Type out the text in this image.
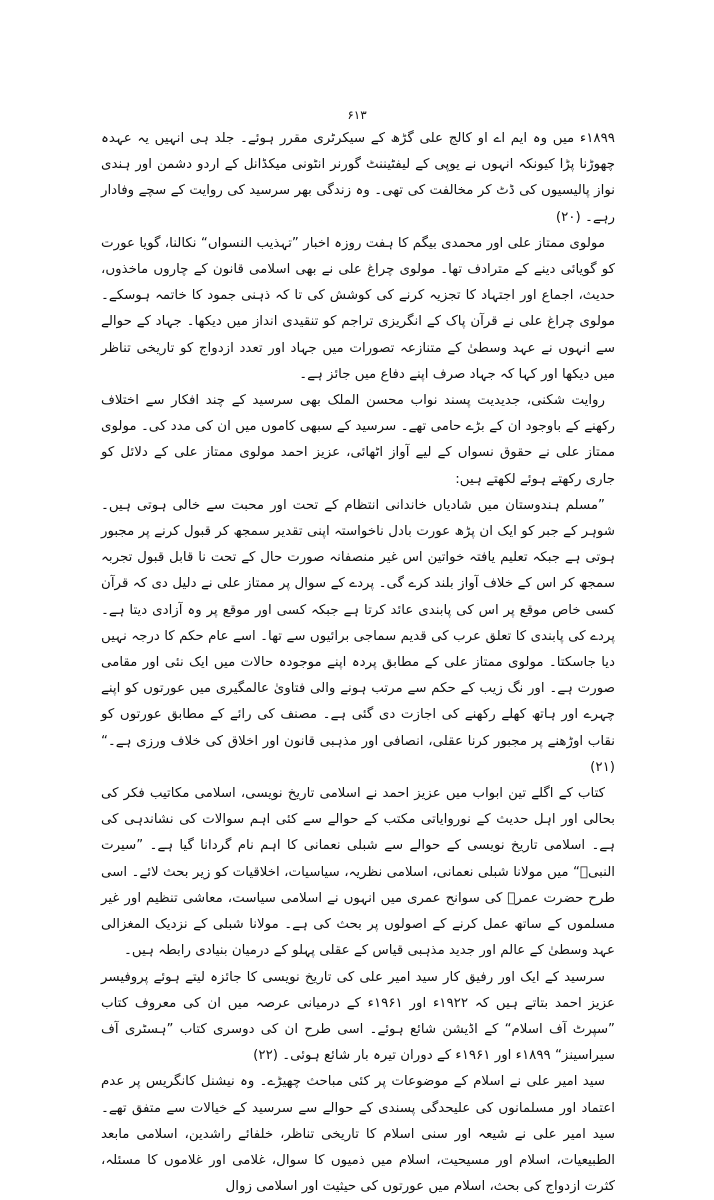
۶۱۳

۱۸۹۹ء میں وہ ایم اے او کالج علی گڑھ کے سیکرٹری مقرر ہوئے۔ جلد ہی انہیں یہ عہدہ چھوڑنا پڑا کیونکہ انہوں نے یوپی کے لیفٹیننٹ گورنر انٹونی میکڈانل کے اردو دشمن اور ہندی نواز پالیسیوں کی ڈٹ کر مخالفت کی تھی۔ وہ زندگی بھر سرسید کی روایت کے سچے وفادار رہے۔ (۲۰)

مولوی ممتاز علی اور محمدی بیگم کا ہفت روزہ اخبار ”تہذیب النسواں“ نکالنا، گویا عورت کو گویائی دینے کے مترادف تھا۔ مولوی چراغ علی نے بھی اسلامی قانون کے چاروں ماخذوں، حدیث، اجماع اور اجتہاد کا تجزیہ کرنے کی کوشش کی تا کہ ذہنی جمود کا خاتمہ ہوسکے۔ مولوی چراغ علی نے قرآن پاک کے انگریزی تراجم کو تنقیدی انداز میں دیکھا۔ جہاد کے حوالے سے انہوں نے عہد وسطیٰ کے متنازعہ تصورات میں جہاد اور تعدد ازدواج کو تاریخی تناظر میں دیکھا اور کہا کہ جہاد صرف اپنے دفاع میں جائز ہے۔

روایت شکنی، جدیدیت پسند نواب محسن الملک بھی سرسید کے چند افکار سے اختلاف رکھنے کے باوجود ان کے بڑے حامی تھے۔ سرسید کے سبھی کاموں میں ان کی مدد کی۔ مولوی ممتاز علی نے حقوق نسواں کے لیے آواز اٹھائی، عزیز احمد مولوی ممتاز علی کے دلائل کو جاری رکھتے ہوئے لکھتے ہیں:

”مسلم ہندوستان میں شادیاں خاندانی انتظام کے تحت اور محبت سے خالی ہوتی ہیں۔ شوہر کے جبر کو ایک ان پڑھ عورت بادل ناخواستہ اپنی تقدیر سمجھ کر قبول کرنے پر مجبور ہوتی ہے جبکہ تعلیم یافتہ خواتین اس غیر منصفانہ صورت حال کے تحت نا قابل قبول تجربہ سمجھ کر اس کے خلاف آواز بلند کرے گی۔ پردے کے سوال پر ممتاز علی نے دلیل دی کہ قرآن کسی خاص موقع پر اس کی پابندی عائد کرتا ہے جبکہ کسی اور موقع پر وہ آزادی دیتا ہے۔ پردے کی پابندی کا تعلق عرب کی قدیم سماجی برائیوں سے تھا۔ اسے عام حکم کا درجہ نہیں دیا جاسکتا۔ مولوی ممتاز علی کے مطابق پردہ اپنے موجودہ حالات میں ایک نئی اور مقامی صورت ہے۔ اور نگ زیب کے حکم سے مرتب ہونے والی فتاویٰ عالمگیری میں عورتوں کو اپنے چہرے اور ہاتھ کھلے رکھنے کی اجازت دی گئی ہے۔ مصنف کی رائے کے مطابق عورتوں کو نقاب اوڑھنے پر مجبور کرنا عقلی، انصافی اور مذہبی قانون اور اخلاق کی خلاف ورزی ہے۔“ (۲۱)

کتاب کے اگلے تین ابواب میں عزیز احمد نے اسلامی تاریخ نویسی، اسلامی مکاتیب فکر کی بحالی اور اہل حدیث کے نوروایاتی مکتب کے حوالے سے کئی اہم سوالات کی نشاندہی کی ہے۔ اسلامی تاریخ نویسی کے حوالے سے شبلی نعمانی کا اہم نام گردانا گیا ہے۔ ”سیرت النبیؐ“ میں مولانا شبلی نعمانی، اسلامی نظریہ، سیاسیات، اخلاقیات کو زیر بحث لائے۔ اسی طرح حضرت عمرؓ کی سوانح عمری میں انہوں نے اسلامی سیاست، معاشی تنظیم اور غیر مسلموں کے ساتھ عمل کرنے کے اصولوں پر بحث کی ہے۔ مولانا شبلی کے نزدیک المغزالی عہد وسطیٰ کے عالم اور جدید مذہبی قیاس کے عقلی پہلو کے درمیان بنیادی رابطہ ہیں۔

سرسید کے ایک اور رفیق کار سید امیر علی کی تاریخ نویسی کا جائزہ لیتے ہوئے پروفیسر عزیز احمد بتاتے ہیں کہ ۱۹۲۲ء اور ۱۹۶۱ء کے درمیانی عرصہ میں ان کی معروف کتاب ”سپرٹ آف اسلام“ کے اڈیشن شائع ہوئے۔ اسی طرح ان کی دوسری کتاب ”ہسٹری آف سیراسینز“ ۱۸۹۹ء اور ۱۹۶۱ء کے دوران تیرہ بار شائع ہوئی۔ (۲۲)

سید امیر علی نے اسلام کے موضوعات پر کئی مباحث چھیڑے۔ وہ نیشنل کانگریس پر عدم اعتماد اور مسلمانوں کی علیحدگی پسندی کے حوالے سے سرسید کے خیالات سے متفق تھے۔ سید امیر علی نے شیعہ اور سنی اسلام کا تاریخی تناظر، خلفائے راشدین، اسلامی مابعد الطبیعیات، اسلام اور مسیحیت، اسلام میں ذمیوں کا سوال، غلامی اور غلاموں کا مسئلہ، کثرت ازدواج کی بحث، اسلام میں عورتوں کی حیثیت اور اسلامی زوال
